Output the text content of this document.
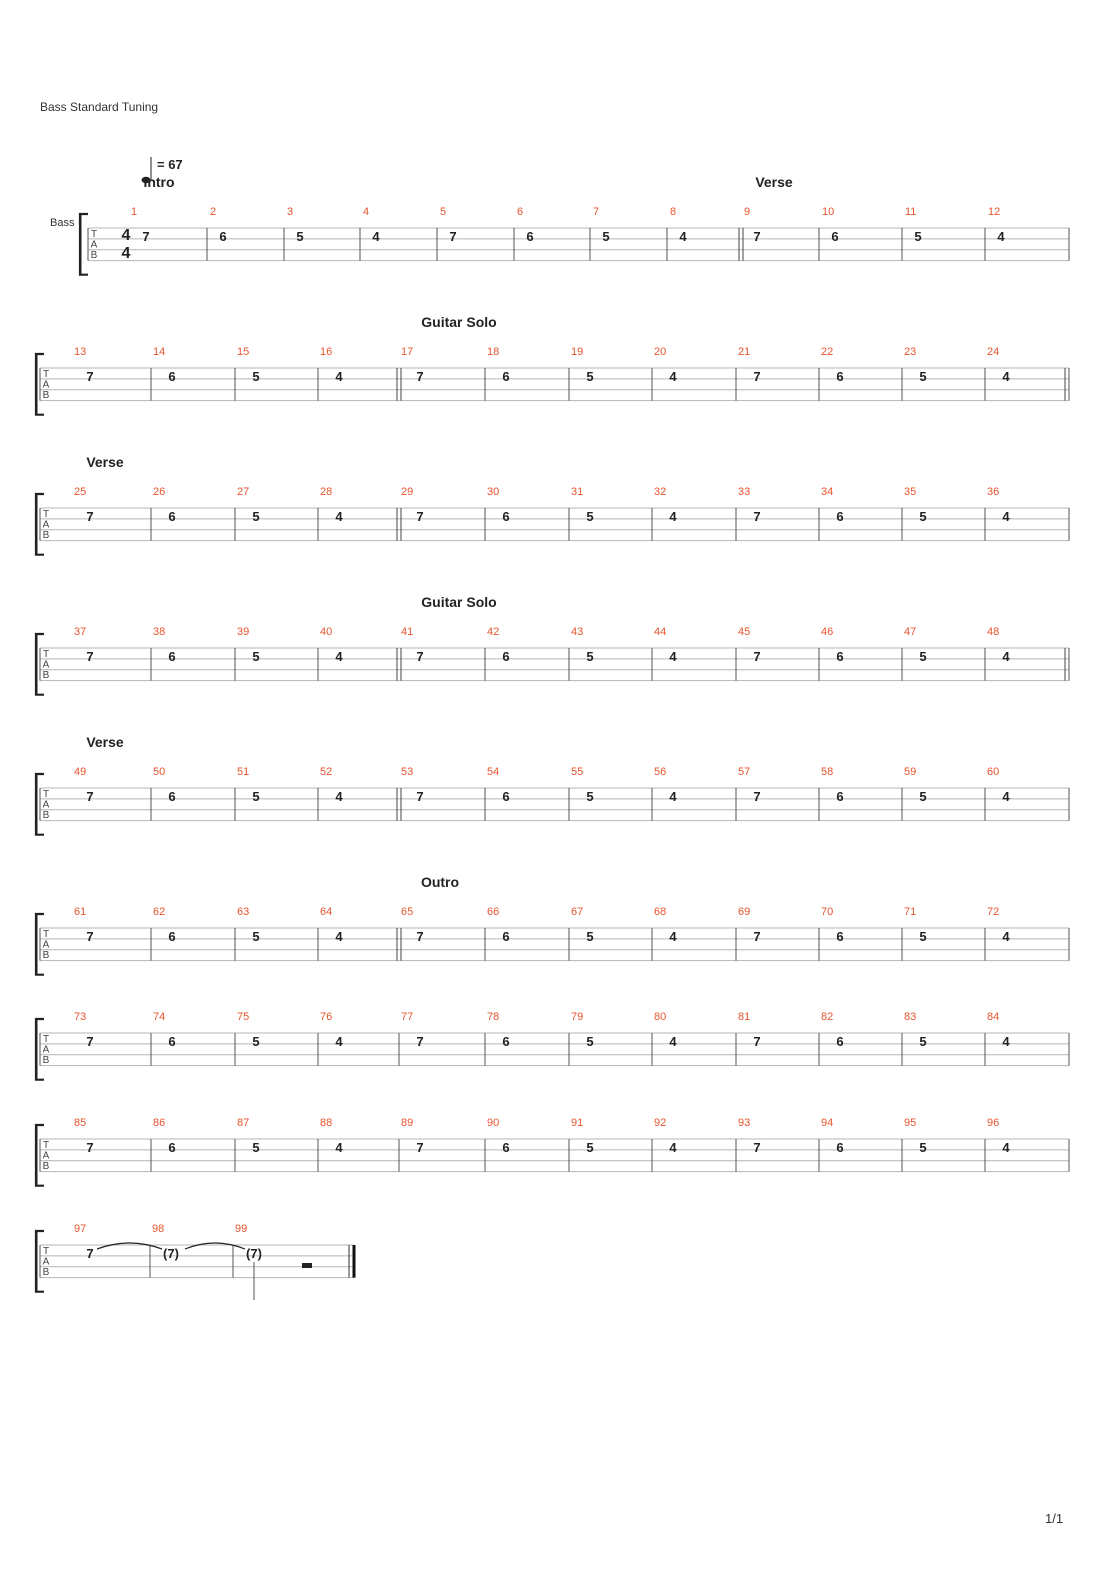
Bass Standard Tuning
T
A
B
Bass
4
4
= 67
1
7
2
6
3
5
4
4
5
7
6
6
7
5
8
4
9
7
10
6
11
5
12
4
Intro	Verse
T
A
B
13
7
14
6
15
5
16
4
17
7
18
6
19
5
20
4
21
7
22
6
23
5
24
4
Guitar Solo
T
A
B
25
7
26
6
27
5
28
4
29
7
30
6
31
5
32
4
33
7
34
6
35
5
36
4
Verse
T
A
B
37
7
38
6
39
5
40
4
41
7
42
6
43
5
44
4
45
7
46
6
47
5
48
4
Guitar Solo
T
A
B
49
7
50
6
51
5
52
4
53
7
54
6
55
5
56
4
57
7
58
6
59
5
60
4
Verse
T
A
B
61
7
62
6
63
5
64
4
65
7
66
6
67
5
68
4
69
7
70
6
71
5
72
4
Outro
T
A
B
73
7
74
6
75
5
76
4
77
7
78
6
79
5
80
4
81
7
82
6
83
5
84
4
T
A
B
85
7
86
6
87
5
88
4
89
7
90
6
91
5
92
4
93
7
94
6
95
5
96
4
T
A
B
97
7
98
(7)
99
(7)
1/1
